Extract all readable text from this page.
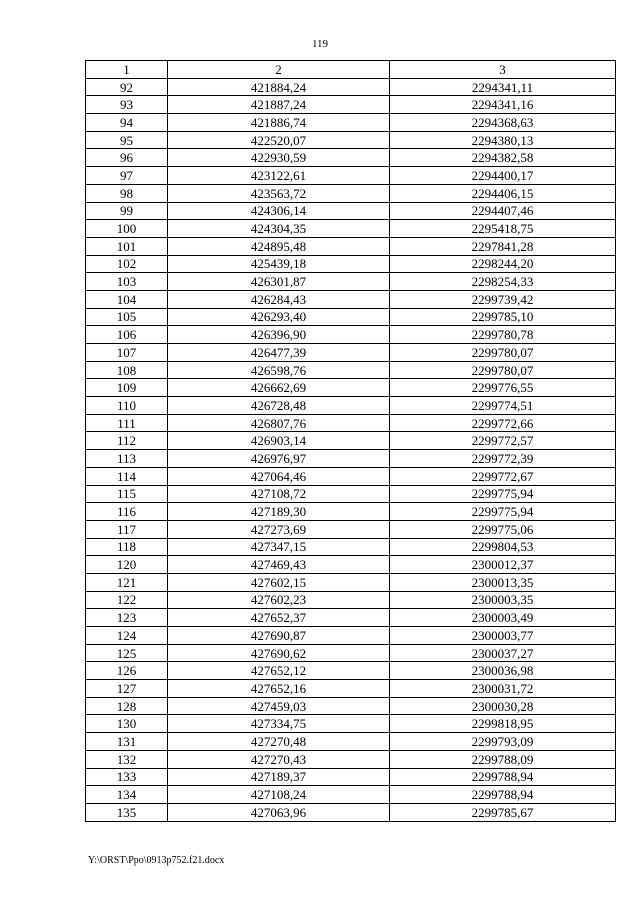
119
1	2	3
92	421884,24	2294341,11
93	421887,24	2294341,16
94	421886,74	2294368,63
95	422520,07	2294380,13
96	422930,59	2294382,58
97	423122,61	2294400,17
98	423563,72	2294406,15
99	424306,14	2294407,46
100	424304,35	2295418,75
101	424895,48	2297841,28
102	425439,18	2298244,20
103	426301,87	2298254,33
104	426284,43	2299739,42
105	426293,40	2299785,10
106	426396,90	2299780,78
107	426477,39	2299780,07
108	426598,76	2299780,07
109	426662,69	2299776,55
110	426728,48	2299774,51
111	426807,76	2299772,66
112	426903,14	2299772,57
113	426976,97	2299772,39
114	427064,46	2299772,67
115	427108,72	2299775,94
116	427189,30	2299775,94
117	427273,69	2299775,06
118	427347,15	2299804,53
120	427469,43	2300012,37
121	427602,15	2300013,35
122	427602,23	2300003,35
123	427652,37	2300003,49
124	427690,87	2300003,77
125	427690,62	2300037,27
126	427652,12	2300036,98
127	427652,16	2300031,72
128	427459,03	2300030,28
130	427334,75	2299818,95
131	427270,48	2299793,09
132	427270,43	2299788,09
133	427189,37	2299788,94
134	427108,24	2299788,94
135	427063,96	2299785,67
Y:\ORST\Ppo\0913p752.f21.docx
